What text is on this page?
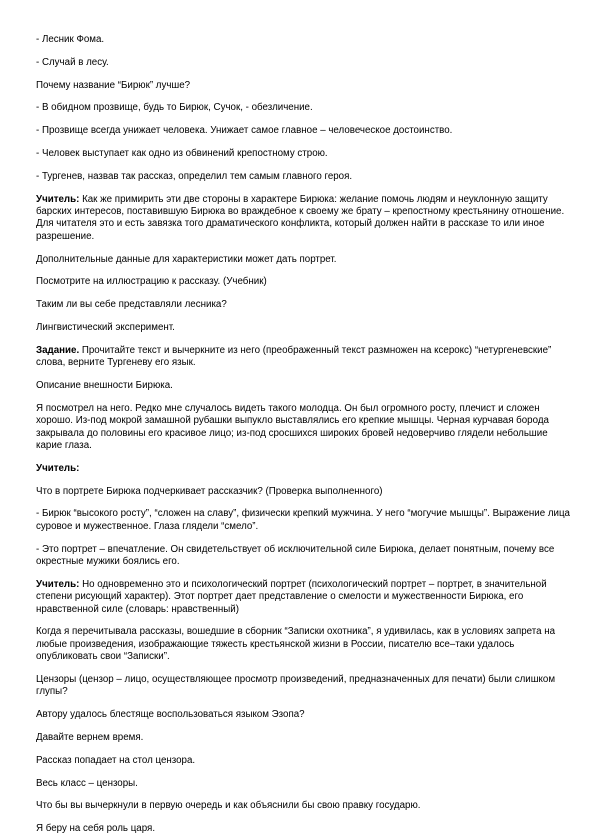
- Лесник Фома.

- Случай в лесу.

Почему название “Бирюк” лучше?

- В обидном прозвище, будь то Бирюк, Сучок, - обезличение.

- Прозвище всегда унижает человека. Унижает самое главное – человеческое достоинство.

- Человек выступает как одно из обвинений крепостному строю.

- Тургенев, назвав так рассказ, определил тем самым главного героя.

Учитель: Как же примирить эти две стороны в характере Бирюка: желание помочь людям и неуклонную защиту барских интересов, поставившую Бирюка во враждебное к своему же брату – крепостному крестьянину отношение. Для читателя это и есть завязка того драматического конфликта, который должен найти в рассказе то или иное разрешение.

Дополнительные данные для характеристики может дать портрет.

Посмотрите на иллюстрацию к рассказу. (Учебник)

Таким ли вы себе представляли лесника?

Лингвистический эксперимент.

Задание. Прочитайте текст и вычеркните из него (преображенный текст размножен на ксерокс) “нетургеневские” слова, верните Тургеневу его язык.

Описание внешности Бирюка.

Я посмотрел на него. Редко мне случалось видеть такого молодца. Он был огромного росту, плечист и сложен хорошо. Из-под мокрой замашной рубашки выпукло выставлялись его крепкие мышцы. Черная курчавая борода закрывала до половины его красивое лицо; из-под сросшихся широких бровей недоверчиво глядели небольшие карие глаза.

Учитель:

Что в портрете Бирюка подчеркивает рассказчик? (Проверка выполненного)

- Бирюк “высокого росту”, “сложен на славу”, физически крепкий мужчина. У него “могучие мышцы”. Выражение лица суровое и мужественное. Глаза глядели “смело”.

- Это портрет – впечатление. Он свидетельствует об исключительной силе Бирюка, делает понятным, почему все окрестные мужики боялись его.

Учитель: Но одновременно это и психологический портрет (психологический портрет – портрет, в значительной степени рисующий характер). Этот портрет дает представление о смелости и мужественности Бирюка, его нравственной силе (словарь: нравственный)

Когда я перечитывала рассказы, вошедшие в сборник “Записки охотника”, я удивилась, как в условиях запрета на любые произведения, изображающие тяжесть крестьянской жизни в России, писателю все–таки удалось опубликовать свои “Записки”.

Цензоры (цензор – лицо, осуществляющее просмотр произведений, предназначенных для печати) были слишком глупы?

Автору удалось блестяще воспользоваться языком Эзопа?

Давайте вернем время.

Рассказ попадает на стол цензора.

Весь класс – цензоры.

Что бы вы вычеркнули в первую очередь и как объяснили бы свою правку государю.

Я беру на себя роль царя.
